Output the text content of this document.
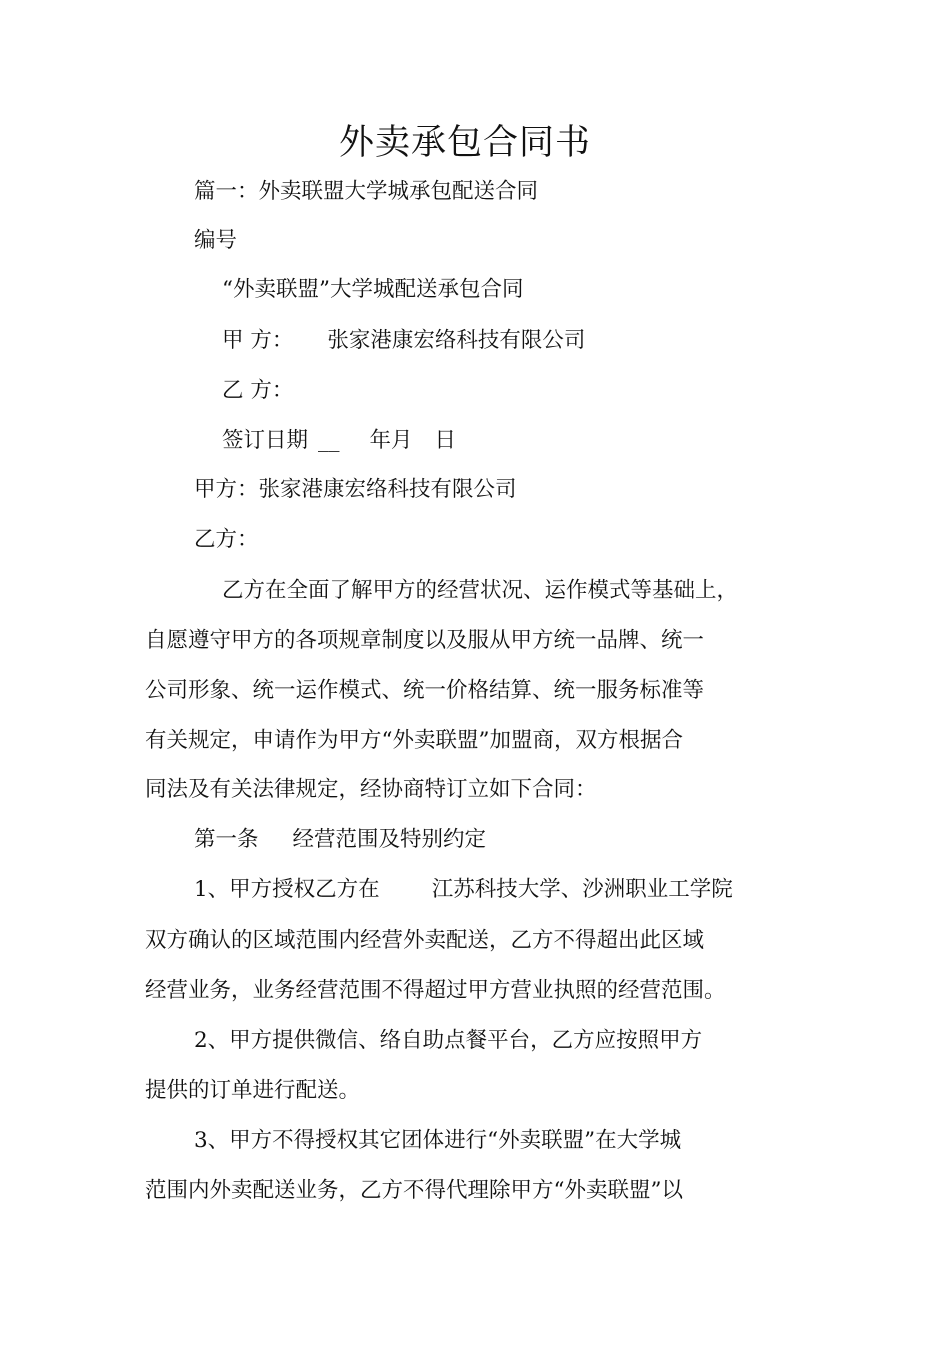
外卖承包合同书
篇一：外卖联盟大学城承包配送合同
编号
“外卖联盟”大学城配送承包合同
甲 方： 张家港康宏络科技有限公司
乙 方：
签订日期 __ 年月 日
甲方：张家港康宏络科技有限公司
乙方：
乙方在全面了解甲方的经营状况、运作模式等基础上，
自愿遵守甲方的各项规章制度以及服从甲方统一品牌、统一
公司形象、统一运作模式、统一价格结算、统一服务标准等
有关规定，申请作为甲方“外卖联盟”加盟商，双方根据合
同法及有关法律规定，经协商特订立如下合同：
第一条 经营范围及特别约定
1、甲方授权乙方在 江苏科技大学、沙洲职业工学院
双方确认的区域范围内经营外卖配送，乙方不得超出此区域
经营业务，业务经营范围不得超过甲方营业执照的经营范围。
2、甲方提供微信、络自助点餐平台，乙方应按照甲方
提供的订单进行配送。
3、甲方不得授权其它团体进行“外卖联盟”在大学城
范围内外卖配送业务，乙方不得代理除甲方“外卖联盟”以
